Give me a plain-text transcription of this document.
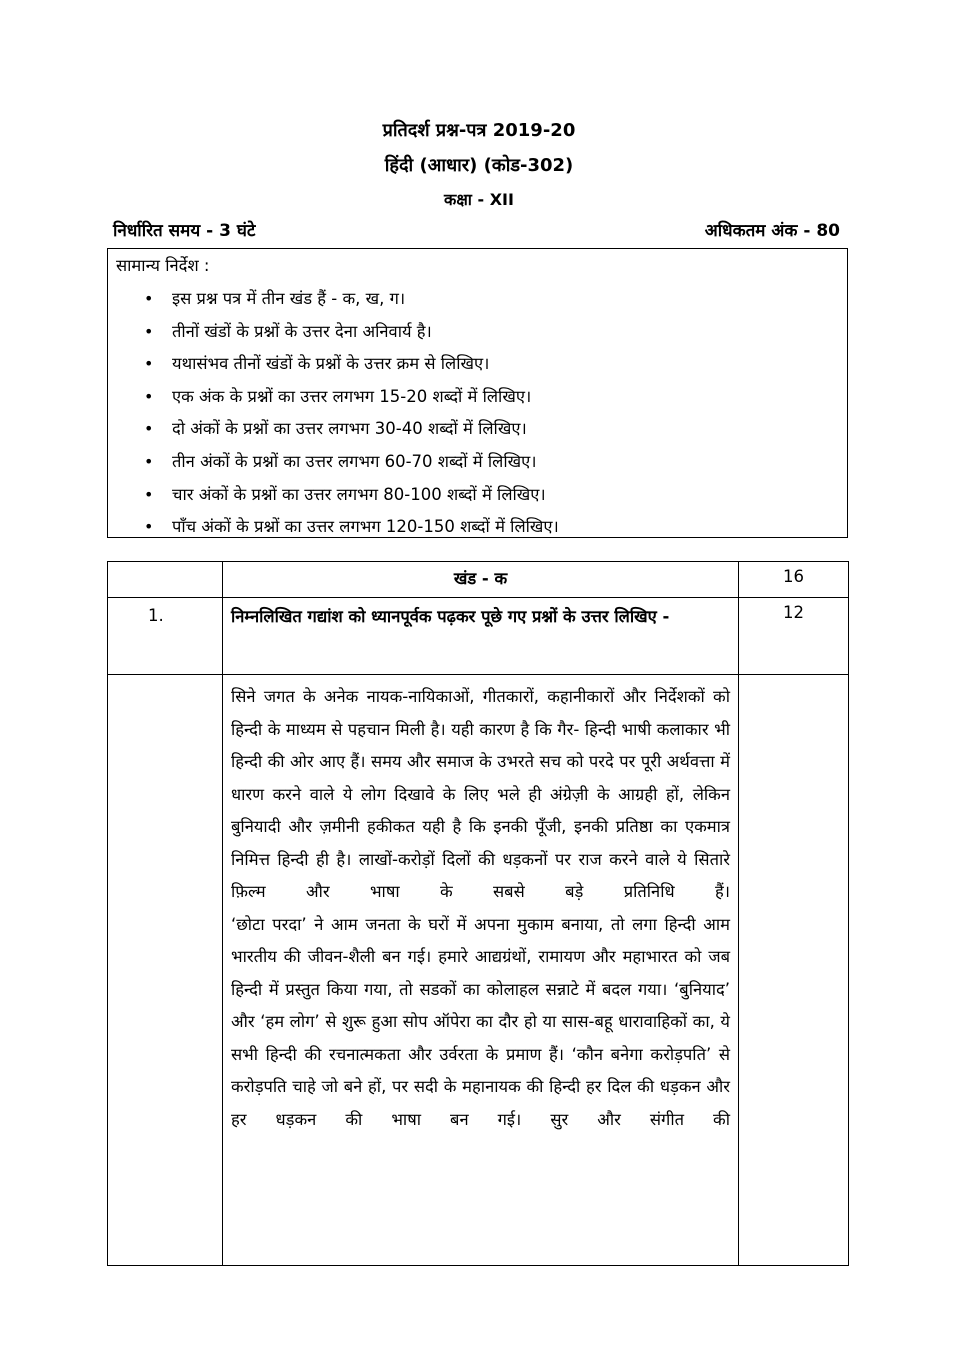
प्रतिदर्श प्रश्न-पत्र 2019-20
हिंदी (आधार) (कोड-302)
कक्षा - XII
निर्धारित समय - 3 घंटे	अधिकतम अंक - 80
सामान्य निर्देश :
• इस प्रश्न पत्र में तीन खंड हैं - क, ख, ग।
• तीनों खंडों के प्रश्नों के उत्तर देना अनिवार्य है।
• यथासंभव तीनों खंडों के प्रश्नों के उत्तर क्रम से लिखिए।
• एक अंक के प्रश्नों का उत्तर लगभग 15-20 शब्दों में लिखिए।
• दो अंकों के प्रश्नों का उत्तर लगभग 30-40 शब्दों में लिखिए।
• तीन अंकों के प्रश्नों का उत्तर लगभग 60-70 शब्दों में लिखिए।
• चार अंकों के प्रश्नों का उत्तर लगभग 80-100 शब्दों में लिखिए।
• पाँच अंकों के प्रश्नों का उत्तर लगभग 120-150 शब्दों में लिखिए।
	खंड - क	16
1.	निम्नलिखित गद्यांश को ध्यानपूर्वक पढ़कर पूछे गए प्रश्नों के उत्तर लिखिए -	12

	सिने जगत के अनेक नायक-नायिकाओं, गीतकारों, कहानीकारों और निर्देशकों को हिन्दी के माध्यम से पहचान मिली है। यही कारण है कि गैर- हिन्दी भाषी कलाकार भी हिन्दी की ओर आए हैं। समय और समाज के उभरते सच को परदे पर पूरी अर्थवत्ता में धारण करने वाले ये लोग दिखावे के लिए भले ही अंग्रेज़ी के आग्रही हों, लेकिन बुनियादी और ज़मीनी हकीकत यही है कि इनकी पूँजी, इनकी प्रतिष्ठा का एकमात्र निमित्त हिन्दी ही है। लाखों-करोड़ों दिलों की धड़कनों पर राज करने वाले ये सितारे फ़िल्म और भाषा के सबसे बड़े प्रतिनिधि हैं।

‘छोटा परदा’ ने आम जनता के घरों में अपना मुकाम बनाया, तो लगा हिन्दी आम भारतीय की जीवन-शैली बन गई। हमारे आद्यग्रंथों, रामायण और महाभारत को जब हिन्दी में प्रस्तुत किया गया, तो सडकों का कोलाहल सन्नाटे में बदल गया। ‘बुनियाद’ और ‘हम लोग’ से शुरू हुआ सोप ऑपेरा का दौर हो या सास-बहू धारावाहिकों का, ये सभी हिन्दी की रचनात्मकता और उर्वरता के प्रमाण हैं। ‘कौन बनेगा करोड़पति’ से करोड़पति चाहे जो बने हों, पर सदी के महानायक की हिन्दी हर दिल की धड़कन और हर धड़कन की भाषा बन गई। सुर और संगीत की	
